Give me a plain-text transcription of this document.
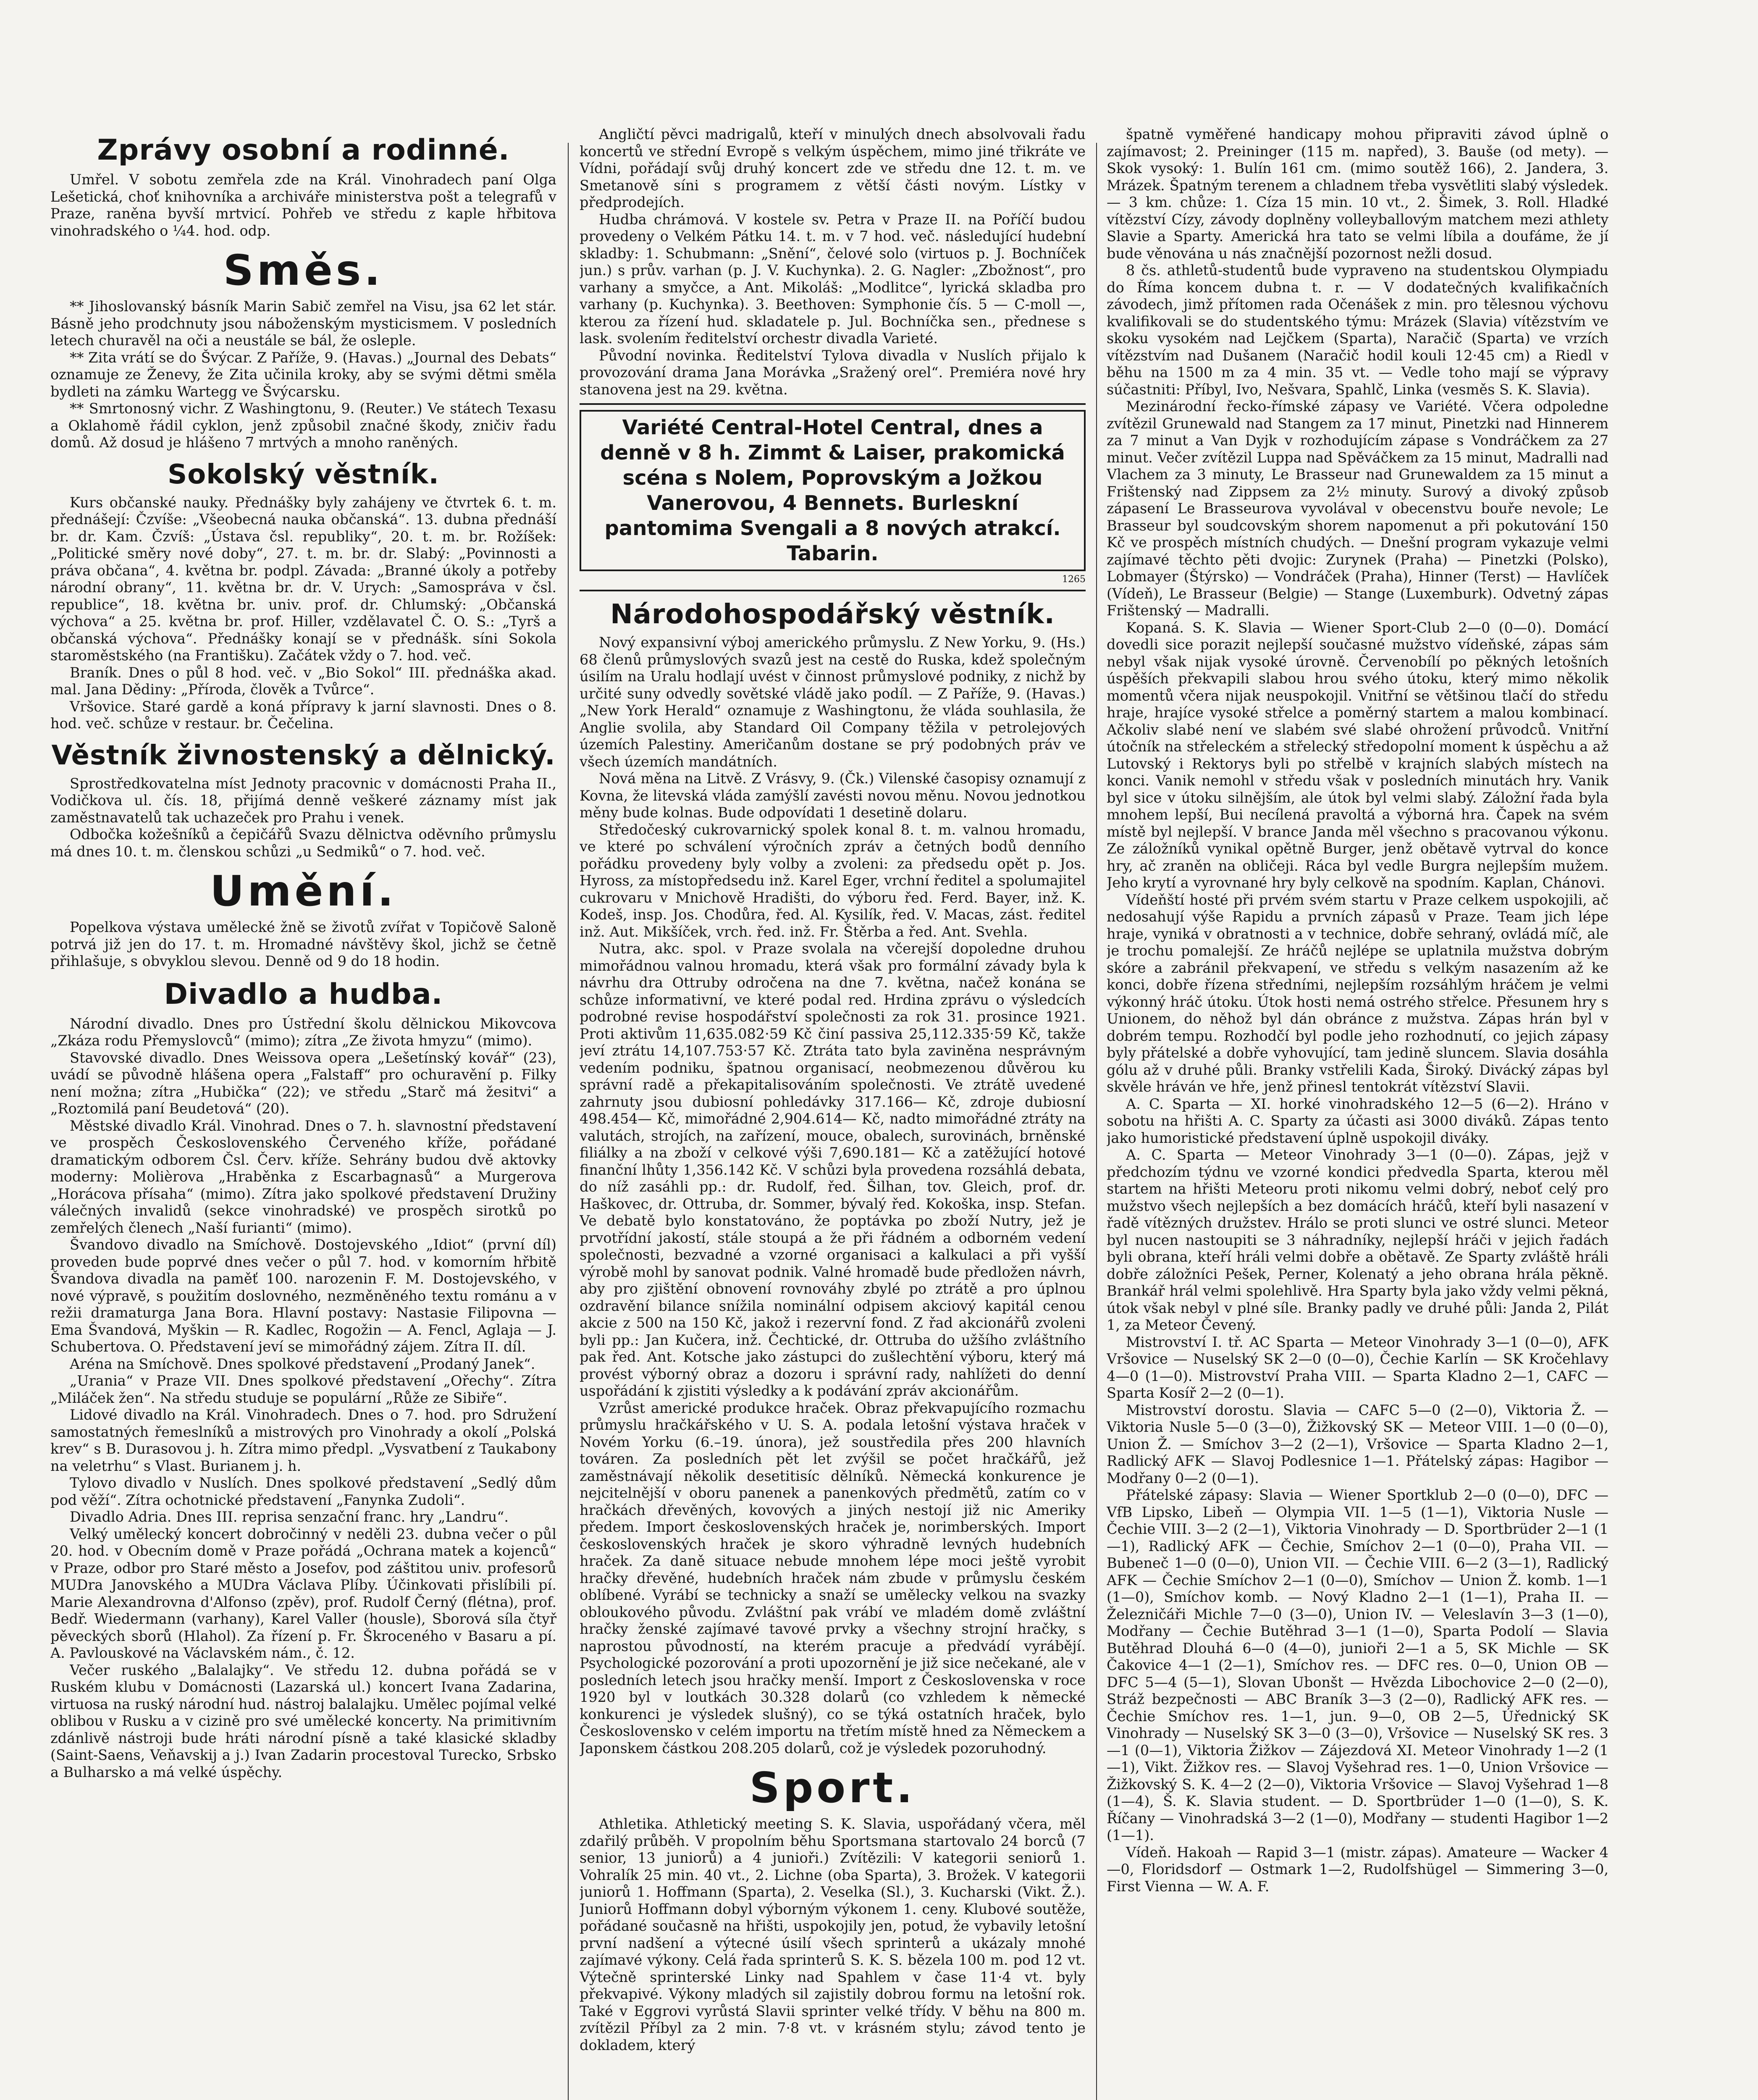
Zprávy osobní a rodinné.

Umřel. V sobotu zemřela zde na Král. Vinohradech paní Olga Lešetická, choť knihovníka a archiváře ministerstva pošt a telegrafů v Praze, raněna byvší mrtvicí. Pohřeb ve středu z kaple hřbitova vinohradského o ¼4. hod. odp.

Směs.

** Jihoslovanský básník Marin Sabič zemřel na Visu, jsa 62 let stár. Básně jeho prodchnuty jsou náboženským mysticismem. V posledních letech churavěl na oči a neustále se bál, že osleple.

** Zita vrátí se do Švýcar. Z Paříže, 9. (Havas.) „Journal des Debats“ oznamuje ze Ženevy, že Zita učinila kroky, aby se svými dětmi směla bydleti na zámku Wartegg ve Švýcarsku.

** Smrtonosný vichr. Z Washingtonu, 9. (Reuter.) Ve státech Texasu a Oklahomě řádil cyklon, jenž způsobil značné škody, zničiv řadu domů. Až dosud je hlášeno 7 mrtvých a mnoho raněných.

Sokolský věstník.

Kurs občanské nauky. Přednášky byly zahájeny ve čtvrtek 6. t. m. přednášejí: Čzvíše: „Všeobecná nauka občanská“. 13. dubna přednáší br. dr. Kam. Čzvíš: „Ústava čsl. republiky“, 20. t. m. br. Rožíšek: „Politické směry nové doby“, 27. t. m. br. dr. Slabý: „Povinnosti a práva občana“, 4. května br. podpl. Závada: „Branné úkoly a potřeby národní obrany“, 11. května br. dr. V. Urych: „Samospráva v čsl. republice“, 18. května br. univ. prof. dr. Chlumský: „Občanská výchova“ a 25. května br. prof. Hiller, vzdělavatel Č. O. S.: „Tyrš a občanská výchova“. Přednášky konají se v přednášk. síni Sokola staroměstského (na Františku). Začátek vždy o 7. hod. več.

Braník. Dnes o půl 8 hod. več. v „Bio Sokol“ III. přednáška akad. mal. Jana Dědiny: „Příroda, člověk a Tvůrce“.

Vršovice. Staré gardě a koná přípravy k jarní slavnosti. Dnes o 8. hod. več. schůze v restaur. br. Čečelina.

Věstník živnostenský a dělnický.

Sprostředkovatelna míst Jednoty pracovnic v domácnosti Praha II., Vodičkova ul. čís. 18, přijímá denně veškeré záznamy míst jak zaměstnavatelů tak uchazeček pro Prahu i venek.

Odbočka kožešníků a čepičářů Svazu dělnictva oděvního průmyslu má dnes 10. t. m. členskou schůzi „u Sedmiků“ o 7. hod. več.

Umění.

Popelkova výstava umělecké žně se životů zvířat v Topičově Saloně potrvá již jen do 17. t. m. Hromadné návštěvy škol, jichž se četně přihlašuje, s obvyklou slevou. Denně od 9 do 18 hodin.

Divadlo a hudba.

Národní divadlo. Dnes pro Ústřední školu dělnickou Mikovcova „Zkáza rodu Přemyslovců“ (mimo); zítra „Ze života hmyzu“ (mimo).

Stavovské divadlo. Dnes Weissova opera „Lešetínský kovář“ (23), uvádí se původně hlášena opera „Falstaff“ pro ochuravění p. Filky není možna; zítra „Hubička“ (22); ve středu „Starč má žesitvi“ a „Roztomilá paní Beudetová“ (20).

Městské divadlo Král. Vinohrad. Dnes o 7. h. slavnostní představení ve prospěch Československého Červeného kříže, pořádané dramatickým odborem Čsl. Červ. kříže. Sehrány budou dvě aktovky moderny: Molièrova „Hraběnka z Escarbagnasů“ a Murgerova „Horácova přísaha“ (mimo). Zítra jako spolkové představení Družiny válečných invalidů (sekce vinohradské) ve prospěch sirotků po zemřelých členech „Naší furianti“ (mimo).

Švandovo divadlo na Smíchově. Dostojevského „Idiot“ (první díl) proveden bude poprvé dnes večer o půl 7. hod. v komorním hřbitě Švandova divadla na paměť 100. narozenin F. M. Dostojevského, v nové výpravě, s použitím doslovného, nezměněného textu románu a v režii dramaturga Jana Bora. Hlavní postavy: Nastasie Filipovna — Ema Švandová, Myškin — R. Kadlec, Rogožin — A. Fencl, Aglaja — J. Schubertova. O. Představení jeví se mimořádný zájem. Zítra II. díl.

Aréna na Smíchově. Dnes spolkové představení „Prodaný Janek“.

„Urania“ v Praze VII. Dnes spolkové představení „Ořechy“. Zítra „Miláček žen“. Na středu studuje se populární „Růže ze Sibiře“.

Lidové divadlo na Král. Vinohradech. Dnes o 7. hod. pro Sdružení samostatných řemeslníků a mistrových pro Vinohrady a okolí „Polská krev“ s B. Durasovou j. h. Zítra mimo předpl. „Vysvatbení z Taukabony na veletrhu“ s Vlast. Burianem j. h.

Tylovo divadlo v Nuslích. Dnes spolkové představení „Sedlý dům pod věží“. Zítra ochotnické představení „Fanynka Zudoli“.

Divadlo Adria. Dnes III. reprisa senzační franc. hry „Landru“.

Velký umělecký koncert dobročinný v neděli 23. dubna večer o půl 20. hod. v Obecním domě v Praze pořádá „Ochrana matek a kojenců“ v Praze, odbor pro Staré město a Josefov, pod záštitou univ. profesorů MUDra Janovského a MUDra Václava Plíby. Účinkovati přislíbili pí. Marie Alexandrovna d'Alfonso (zpěv), prof. Rudolf Černý (flétna), prof. Bedř. Wiedermann (varhany), Karel Valler (housle), Sborová síla čtyř pěveckých sborů (Hlahol). Za řízení p. Fr. Škroceného v Basaru a pí. A. Pavlouskové na Václavském nám., č. 12.

Večer ruského „Balalajky“. Ve středu 12. dubna pořádá se v Ruském klubu v Domácnosti (Lazarská ul.) koncert Ivana Zadarina, virtuosa na ruský národní hud. nástroj balalajku. Umělec pojímal velké oblibou v Rusku a v cizině pro své umělecké koncerty. Na primitivním zdánlivě nástroji bude hráti národní písně a také klasické skladby (Saint-Saens, Veňavskij a j.) Ivan Zadarin procestoval Turecko, Srbsko a Bulharsko a má velké úspěchy.

Angličtí pěvci madrigalů, kteří v minulých dnech absolvovali řadu koncertů ve střední Evropě s velkým úspěchem, mimo jiné třikráte ve Vídni, pořádají svůj druhý koncert zde ve středu dne 12. t. m. ve Smetanově síni s programem z větší části novým. Lístky v předprodejích.

Hudba chrámová. V kostele sv. Petra v Praze II. na Poříčí budou provedeny o Velkém Pátku 14. t. m. v 7 hod. več. následující hudební skladby: 1. Schubmann: „Snění“, čelové solo (virtuos p. J. Bochníček jun.) s prův. varhan (p. J. V. Kuchynka). 2. G. Nagler: „Zbožnost“, pro varhany a smyčce, a Ant. Mikoláš: „Modlitce“, lyrická skladba pro varhany (p. Kuchynka). 3. Beethoven: Symphonie čís. 5 — C-moll —, kterou za řízení hud. skladatele p. Jul. Bochníčka sen., přednese s lask. svolením ředitelství orchestr divadla Varieté.

Původní novinka. Ředitelství Tylova divadla v Nuslích přijalo k provozování drama Jana Morávka „Sražený orel“. Premiéra nové hry stanovena jest na 29. května.

Variété Central-Hotel Central, dnes a denně v 8 h. Zimmt & Laiser, prakomická scéna s Nolem, Poprovským a Jožkou Vanerovou, 4 Bennets. Burleskní pantomima Svengali a 8 nových atrakcí. Tabarin.
1265
Národohospodářský věstník.

Nový expansivní výboj amerického průmyslu. Z New Yorku, 9. (Hs.) 68 členů průmyslových svazů jest na cestě do Ruska, kdež společným úsilím na Uralu hodlají uvést v činnost průmyslové podniky, z nichž by určité suny odvedly sovětské vládě jako podíl. — Z Paříže, 9. (Havas.) „New York Herald“ oznamuje z Washingtonu, že vláda souhlasila, že Anglie svolila, aby Standard Oil Company těžila v petrolejových územích Palestiny. Američanům dostane se prý podobných práv ve všech územích mandátních.

Nová měna na Litvě. Z Vrásvy, 9. (Čk.) Vilenské časopisy oznamují z Kovna, že litevská vláda zamýšlí zavésti novou měnu. Novou jednotkou měny bude kolnas. Bude odpovídati 1 desetině dolaru.

Středočeský cukrovarnický spolek konal 8. t. m. valnou hromadu, ve které po schválení výročních zpráv a četných bodů denního pořádku provedeny byly volby a zvoleni: za předsedu opět p. Jos. Hyross, za místopředsedu inž. Karel Eger, vrchní ředitel a spolumajitel cukrovaru v Mnichově Hradišti, do výboru řed. Ferd. Bayer, inž. K. Kodeš, insp. Jos. Chodůra, řed. Al. Kysilík, řed. V. Macas, zást. ředitel inž. Aut. Mikšíček, vrch. řed. inž. Fr. Štěrba a řed. Ant. Svehla.

Nutra, akc. spol. v Praze svolala na včerejší dopoledne druhou mimořádnou valnou hromadu, která však pro formální závady byla k návrhu dra Ottruby odročena na dne 7. května, načež konána se schůze informativní, ve které podal red. Hrdina zprávu o výsledcích podrobné revise hospodářství společnosti za rok 31. prosince 1921. Proti aktivům 11,635.082·59 Kč činí passiva 25,112.335·59 Kč, takže jeví ztrátu 14,107.753·57 Kč. Ztráta tato byla zaviněna nesprávným vedením podniku, špatnou organisací, neobmezenou důvěrou ku správní radě a překapitalisováním společnosti. Ve ztrátě uvedené zahrnuty jsou dubiosní pohledávky 317.166— Kč, zdroje dubiosní 498.454— Kč, mimořádné 2,904.614— Kč, nadto mimořádné ztráty na valutách, strojích, na zařízení, mouce, obalech, surovinách, brněnské filiálky a na zboží v celkové výši 7,690.181— Kč a zatěžující hotové finanční lhůty 1,356.142 Kč. V schůzi byla provedena rozsáhlá debata, do níž zasáhli pp.: dr. Rudolf, řed. Šilhan, tov. Gleich, prof. dr. Haškovec, dr. Ottruba, dr. Sommer, bývalý řed. Kokoška, insp. Stefan. Ve debatě bylo konstatováno, že poptávka po zboží Nutry, jež je prvotřídní jakostí, stále stoupá a že při řádném a odborném vedení společnosti, bezvadné a vzorné organisaci a kalkulaci a při vyšší výrobě mohl by sanovat podnik. Valné hromadě bude předložen návrh, aby pro zjištění obnovení rovnováhy zbylé po ztrátě a pro úplnou ozdravění bilance snížila nominální odpisem akciový kapitál cenou akcie z 500 na 150 Kč, jakož i rezervní fond. Z řad akcionářů zvoleni byli pp.: Jan Kučera, inž. Čechtické, dr. Ottruba do užšího zvláštního pak řed. Ant. Kotsche jako zástupci do zušlechtění výboru, který má provést výborný obraz a dozoru i správní rady, nahlížeti do denní uspořádání k zjistiti výsledky a k podávání zpráv akcionářům.

Vzrůst americké produkce hraček. Obraz překvapujícího rozmachu průmyslu hračkářského v U. S. A. podala letošní výstava hraček v Novém Yorku (6.–19. února), jež soustředila přes 200 hlavních továren. Za posledních pět let zvýšil se počet hračkářů, jež zaměstnávají několik desetitisíc dělníků. Německá konkurence je nejcitelnější v oboru panenek a panenkových předmětů, zatím co v hračkách dřevěných, kovových a jiných nestojí již nic Ameriky předem. Import československých hraček je, norimberských. Import československých hraček je skoro výhradně levných hudebních hraček. Za daně situace nebude mnohem lépe moci ještě vyrobit hračky dřevěné, hudebních hraček nám zbude v průmyslu českém oblíbené. Vyrábí se technicky a snaží se umělecky velkou na svazky obloukového původu. Zvláštní pak vrábí ve mladém domě zvláštní hračky ženské zajímavé tavové prvky a všechny strojní hračky, s naprostou původností, na kterém pracuje a předvádí vyrábějí. Psychologické pozorování a proti upozornění je již sice nečekané, ale v posledních letech jsou hračky menší. Import z Československa v roce 1920 byl v loutkách 30.328 dolarů (co vzhledem k německé konkurenci je výsledek slušný), co se týká ostatních hraček, bylo Československo v celém importu na třetím místě hned za Německem a Japonskem částkou 208.205 dolarů, což je výsledek pozoruhodný.

Sport.

Athletika. Athletický meeting S. K. Slavia, uspořádaný včera, měl zdařilý průběh. V propolním běhu Sportsmana startovalo 24 borců (7 senior, 13 juniorů) a 4 junioři.) Zvítězili: V kategorii seniorů 1. Vohralík 25 min. 40 vt., 2. Lichne (oba Sparta), 3. Brožek. V kategorii juniorů 1. Hoffmann (Sparta), 2. Veselka (Sl.), 3. Kucharski (Vikt. Ž.). Juniorů Hoffmann dobyl výborným výkonem 1. ceny. Klubové soutěže, pořádané současně na hřišti, uspokojily jen, potud, že vybavily letošní první nadšení a výtecné úsilí všech sprinterů a ukázaly mnohé zajímavé výkony. Celá řada sprinterů S. K. S. bězela 100 m. pod 12 vt. Výtečně sprinterské Linky nad Spahlem v čase 11·4 vt. byly překvapivé. Výkony mladých sil zajistily dobrou formu na letošní rok. Také v Eggrovi vyrůstá Slavii sprinter velké třídy. V běhu na 800 m. zvítězil Příbyl za 2 min. 7·8 vt. v krásném stylu; závod tento je dokladem, který

špatně vyměřené handicapy mohou připraviti závod úplně o zajímavost; 2. Preininger (115 m. napřed), 3. Bauše (od mety). — Skok vysoký: 1. Bulín 161 cm. (mimo soutěž 166), 2. Jandera, 3. Mrázek. Špatným terenem a chladnem třeba vysvětliti slabý výsledek. — 3 km. chůze: 1. Cíza 15 min. 10 vt., 2. Šimek, 3. Roll. Hladké vítězství Cízy, závody doplněny volleyballovým matchem mezi athlety Slavie a Sparty. Americká hra tato se velmi líbila a doufáme, že jí bude věnována u nás značnější pozornost nežli dosud.

8 čs. athletů-studentů bude vypraveno na studentskou Olympiadu do Říma koncem dubna t. r. — V dodatečných kvalifikačních závodech, jimž přítomen rada Očenášek z min. pro tělesnou výchovu kvalifikovali se do studentského týmu: Mrázek (Slavia) vítězstvím ve skoku vysokém nad Lejčkem (Sparta), Naračič (Sparta) ve vrzích vítězstvím nad Dušanem (Naračič hodil kouli 12·45 cm) a Riedl v běhu na 1500 m za 4 min. 35 vt. — Vedle toho mají se výpravy súčastniti: Příbyl, Ivo, Nešvara, Spahlč, Linka (vesměs S. K. Slavia).

Mezinárodní řecko-římské zápasy ve Variété. Včera odpoledne zvítězil Grunewald nad Stangem za 17 minut, Pinetzki nad Hinnerem za 7 minut a Van Dyjk v rozhodujícím zápase s Vondráčkem za 27 minut. Večer zvítězil Luppa nad Spěváčkem za 15 minut, Madralli nad Vlachem za 3 minuty, Le Brasseur nad Grunewaldem za 15 minut a Frištenský nad Zippsem za 2½ minuty. Surový a divoký způsob zápasení Le Brasseurova vyvolával v obecenstvu bouře nevole; Le Brasseur byl soudcovským shorem napomenut a při pokutování 150 Kč ve prospěch místních chudých. — Dnešní program vykazuje velmi zajímavé těchto pěti dvojic: Zurynek (Praha) — Pinetzki (Polsko), Lobmayer (Štýrsko) — Vondráček (Praha), Hinner (Terst) — Havlíček (Vídeň), Le Brasseur (Belgie) — Stange (Luxemburk). Odvetný zápas Frištenský — Madralli.

Kopaná. S. K. Slavia — Wiener Sport-Club 2—0 (0—0). Domácí dovedli sice porazit nejlepší současné mužstvo vídeňské, zápas sám nebyl však nijak vysoké úrovně. Červenobílí po pěkných letošních úspěších překvapili slabou hrou svého útoku, který mimo několik momentů včera nijak neuspokojil. Vnitřní se většinou tlačí do středu hraje, hrajíce vysoké střelce a poměrný startem a malou kombinací. Ačkoliv slabé není ve slabém své slabé ohrožení průvodců. Vnitřní útočník na střeleckém a střelecký středopolní moment k úspěchu a až Lutovský i Rektorys byli po střelbě v krajních slabých místech na konci. Vanik nemohl v středu však v posledních minutách hry. Vanik byl sice v útoku silnějším, ale útok byl velmi slabý. Záložní řada byla mnohem lepší, Bui necílená pravoltá a výborná hra. Čapek na svém místě byl nejlepší. V brance Janda měl všechno s pracovanou výkonu. Ze záložníků vynikal opětně Burger, jenž obětavě vytrval do konce hry, ač zraněn na obličeji. Ráca byl vedle Burgra nejlepším mužem. Jeho krytí a vyrovnané hry byly celkově na spodním. Kaplan, Chánovi.

Vídeňští hosté při prvém svém startu v Praze celkem uspokojili, ač nedosahují výše Rapidu a prvních zápasů v Praze. Team jich lépe hraje, vyniká v obratnosti a v technice, dobře sehraný, ovládá míč, ale je trochu pomalejší. Ze hráčů nejlépe se uplatnila mužstva dobrým skóre a zabránil překvapení, ve středu s velkým nasazením až ke konci, dobře řízena středními, nejlepším rozsáhlým hráčem je velmi výkonný hráč útoku. Útok hosti nemá ostrého střelce. Přesunem hry s Unionem, do něhož byl dán obránce z mužstva. Zápas hrán byl v dobrém tempu. Rozhodčí byl podle jeho rozhodnutí, co jejich zápasy byly přátelské a dobře vyhovující, tam jedině sluncem. Slavia dosáhla gólu až v druhé půli. Branky vstřelili Kada, Široký. Divácký zápas byl skvěle hráván ve hře, jenž přinesl tentokrát vítězství Slavii.

A. C. Sparta — XI. horké vinohradského 12—5 (6—2). Hráno v sobotu na hřišti A. C. Sparty za účasti asi 3000 diváků. Zápas tento jako humoristické představení úplně uspokojil diváky.

A. C. Sparta — Meteor Vinohrady 3—1 (0—0). Zápas, jejž v předchozím týdnu ve vzorné kondici předvedla Sparta, kterou měl startem na hřišti Meteoru proti nikomu velmi dobrý, neboť celý pro mužstvo všech nejlepších a bez domácích hráčů, kteří byli nasazení v řadě vítězných družstev. Hrálo se proti slunci ve ostré slunci. Meteor byl nucen nastoupiti se 3 náhradníky, nejlepší hráči v jejich řadách byli obrana, kteří hráli velmi dobře a obětavě. Ze Sparty zvláště hráli dobře záložníci Pešek, Perner, Kolenatý a jeho obrana hrála pěkně. Brankář hrál velmi spolehlivě. Hra Sparty byla jako vždy velmi pěkná, útok však nebyl v plné síle. Branky padly ve druhé půli: Janda 2, Pilát 1, za Meteor Čevený.

Mistrovství I. tř. AC Sparta — Meteor Vinohrady 3—1 (0—0), AFK Vršovice — Nuselský SK 2—0 (0—0), Čechie Karlín — SK Kročehlavy 4—0 (1—0). Mistrovství Praha VIII. — Sparta Kladno 2—1, CAFC — Sparta Kosíř 2—2 (0—1).

Mistrovství dorostu. Slavia — CAFC 5—0 (2—0), Viktoria Ž. — Viktoria Nusle 5—0 (3—0), Žižkovský SK — Meteor VIII. 1—0 (0—0), Union Ž. — Smíchov 3—2 (2—1), Vršovice — Sparta Kladno 2—1, Radlický AFK — Slavoj Podlesnice 1—1. Přátelský zápas: Hagibor — Modřany 0—2 (0—1).

Přátelské zápasy: Slavia — Wiener Sportklub 2—0 (0—0), DFC — VfB Lipsko, Libeň — Olympia VII. 1—5 (1—1), Viktoria Nusle — Čechie VIII. 3—2 (2—1), Viktoria Vinohrady — D. Sportbrüder 2—1 (1—1), Radlický AFK — Čechie, Smíchov 2—1 (0—0), Praha VII. — Bubeneč 1—0 (0—0), Union VII. — Čechie VIII. 6—2 (3—1), Radlický AFK — Čechie Smíchov 2—1 (0—0), Smíchov — Union Ž. komb. 1—1 (1—0), Smíchov komb. — Nový Kladno 2—1 (1—1), Praha II. — Železničáři Michle 7—0 (3—0), Union IV. — Veleslavín 3—3 (1—0), Modřany — Čechie Butěhrad 3—1 (1—0), Sparta Podolí — Slavia Butěhrad Dlouhá 6—0 (4—0), junioři 2—1 a 5, SK Michle — SK Čakovice 4—1 (2—1), Smíchov res. — DFC res. 0—0, Union OB — DFC 5—4 (5—1), Slovan Ubonšt — Hvězda Libochovice 2—0 (2—0), Stráž bezpečnosti — ABC Braník 3—3 (2—0), Radlický AFK res. — Čechie Smíchov res. 1—1, jun. 9—0, OB 2—5, Úřednický SK Vinohrady — Nuselský SK 3—0 (3—0), Vršovice — Nuselský SK res. 3—1 (0—1), Viktoria Žižkov — Zájezdová XI. Meteor Vinohrady 1—2 (1—1), Vikt. Žižkov res. — Slavoj Vyšehrad res. 1—0, Union Vršovice — Žižkovský S. K. 4—2 (2—0), Viktoria Vršovice — Slavoj Vyšehrad 1—8 (1—4), Š. K. Slavia student. — D. Sportbrüder 1—0 (1—0), S. K. Říčany — Vinohradská 3—2 (1—0), Modřany — studenti Hagibor 1—2 (1—1).

Vídeň. Hakoah — Rapid 3—1 (mistr. zápas). Amateure — Wacker 4—0, Floridsdorf — Ostmark 1—2, Rudolfshügel — Simmering 3—0, First Vienna — W. A. F.
